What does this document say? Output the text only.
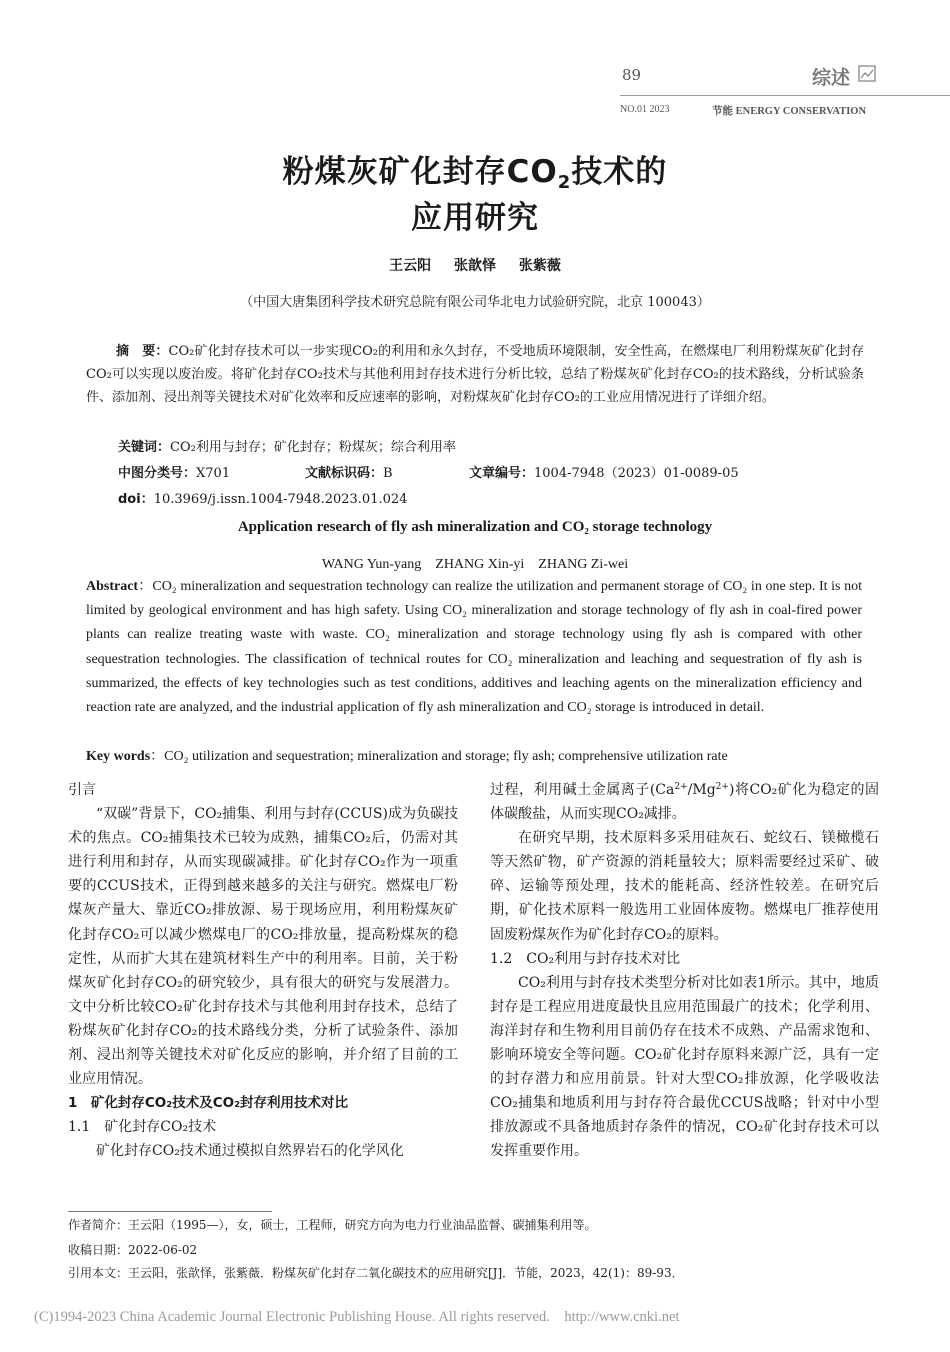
89	综述
NO.01 2023	节能 ENERGY CONSERVATION
粉煤灰矿化封存$CO_2$技术的
应用研究
王云阳 张歆怿 张紫薇
（中国大唐集团科学技术研究总院有限公司华北电力试验研究院，北京 100043）
摘　要：CO₂矿化封存技术可以一步实现CO₂的利用和永久封存，不受地质环境限制，安全性高，在燃煤电厂利用粉煤灰矿化封存CO₂可以实现以废治废。将矿化封存CO₂技术与其他利用封存技术进行分析比较，总结了粉煤灰矿化封存CO₂的技术路线，分析试验条件、添加剂、浸出剂等关键技术对矿化效率和反应速率的影响，对粉煤灰矿化封存CO₂的工业应用情况进行了详细介绍。
关键词：CO₂利用与封存；矿化封存；粉煤灰；综合利用率
中图分类号：X701	文献标识码：B	文章编号：1004-7948（2023）01-0089-05
doi：10.3969/j.issn.1004-7948.2023.01.024
Application research of fly ash mineralization and CO₂ storage technology
WANG Yun-yang　ZHANG Xin-yi　ZHANG Zi-wei
Abstract：CO₂ mineralization and sequestration technology can realize the utilization and permanent storage of CO₂ in one step. It is not limited by geological environment and has high safety. Using CO₂ mineralization and storage technology of fly ash in coal-fired power plants can realize treating waste with waste. CO₂ mineralization and storage technology using fly ash is compared with other sequestration technologies. The classification of technical routes for CO₂ mineralization and leaching and sequestration of fly ash is summarized, the effects of key technologies such as test conditions, additives and leaching agents on the mineralization efficiency and reaction rate are analyzed, and the industrial application of fly ash mineralization and CO₂ storage is introduced in detail.
Key words：CO₂ utilization and sequestration; mineralization and storage; fly ash; comprehensive utilization rate
引言
“双碳”背景下，CO₂捕集、利用与封存(CCUS)成为负碳技术的焦点。CO₂捕集技术已较为成熟，捕集CO₂后，仍需对其进行利用和封存，从而实现碳减排。矿化封存CO₂作为一项重要的CCUS技术，正得到越来越多的关注与研究。燃煤电厂粉煤灰产量大、靠近CO₂排放源、易于现场应用，利用粉煤灰矿化封存CO₂可以减少燃煤电厂的CO₂排放量，提高粉煤灰的稳定性，从而扩大其在建筑材料生产中的利用率。目前，关于粉煤灰矿化封存CO₂的研究较少，具有很大的研究与发展潜力。文中分析比较CO₂矿化封存技术与其他利用封存技术，总结了粉煤灰矿化封存CO₂的技术路线分类，分析了试验条件、添加剂、浸出剂等关键技术对矿化反应的影响，并介绍了目前的工业应用情况。
1　矿化封存CO₂技术及CO₂封存利用技术对比
1.1　矿化封存CO₂技术
矿化封存CO₂技术通过模拟自然界岩石的化学风化
过程，利用碱土金属离子$(Ca^{2+}/Mg^{2+})$将CO₂矿化为稳定的固体碳酸盐，从而实现CO₂减排。
在研究早期，技术原料多采用硅灰石、蛇纹石、镁橄榄石等天然矿物，矿产资源的消耗量较大；原料需要经过采矿、破碎、运输等预处理，技术的能耗高、经济性较差。在研究后期，矿化技术原料一般选用工业固体废物。燃煤电厂推荐使用固废粉煤灰作为矿化封存CO₂的原料。
1.2　CO₂利用与封存技术对比
CO₂利用与封存技术类型分析对比如表1所示。其中，地质封存是工程应用进度最快且应用范围最广的技术；化学利用、海洋封存和生物利用目前仍存在技术不成熟、产品需求饱和、影响环境安全等问题。CO₂矿化封存原料来源广泛，具有一定的封存潜力和应用前景。针对大型CO₂排放源，化学吸收法CO₂捕集和地质利用与封存符合最优CCUS战略；针对中小型排放源或不具备地质封存条件的情况，CO₂矿化封存技术可以发挥重要作用。
作者简介：王云阳（1995—），女，硕士，工程师，研究方向为电力行业油品监督、碳捕集利用等。
收稿日期：2022-06-02
引用本文：王云阳，张歆怿，张紫薇．粉煤灰矿化封存二氧化碳技术的应用研究[J]．节能，2023，42(1)：89-93．
(C)1994-2023 China Academic Journal Electronic Publishing House. All rights reserved.    http://www.cnki.net
